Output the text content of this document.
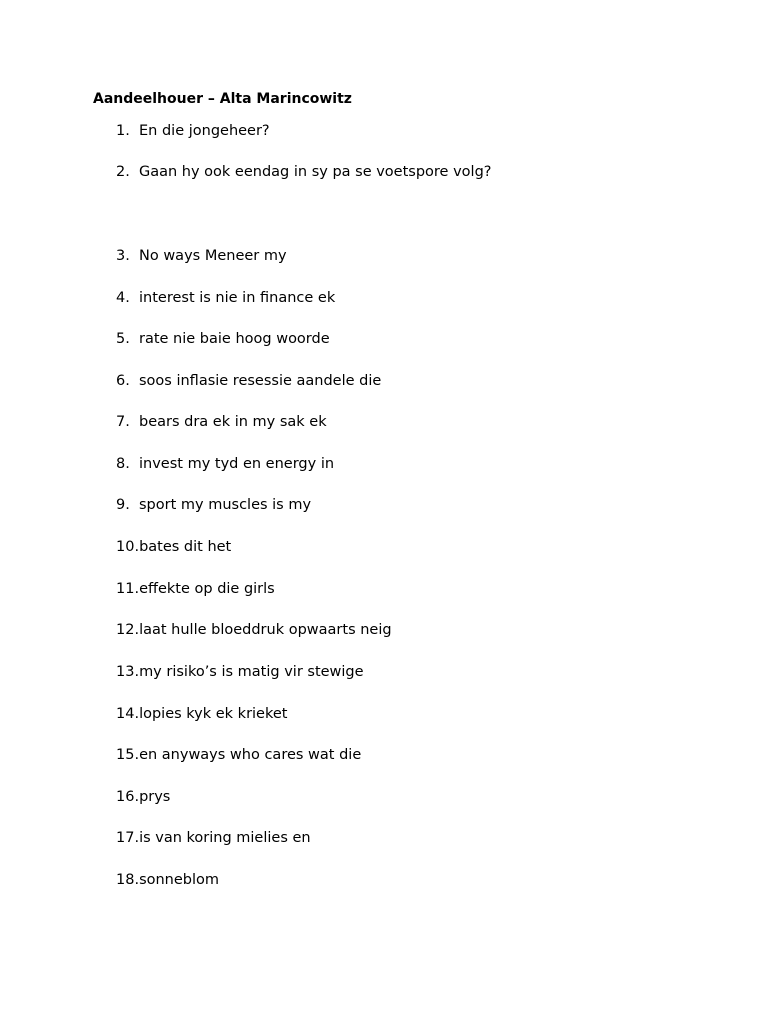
Aandeelhouer – Alta Marincowitz
1. En die jongeheer?
2. Gaan hy ook eendag in sy pa se voetspore volg?
3. No ways Meneer my
4. interest is nie in finance ek
5. rate nie baie hoog woorde
6. soos inflasie resessie aandele die
7. bears dra ek in my sak ek
8. invest my tyd en energy in
9. sport my muscles is my
10.bates dit het
11.effekte op die girls
12.laat hulle bloeddruk opwaarts neig
13.my risiko’s is matig vir stewige
14.lopies kyk ek krieket
15.en anyways who cares wat die
16.prys
17.is van koring mielies en
18.sonneblom
